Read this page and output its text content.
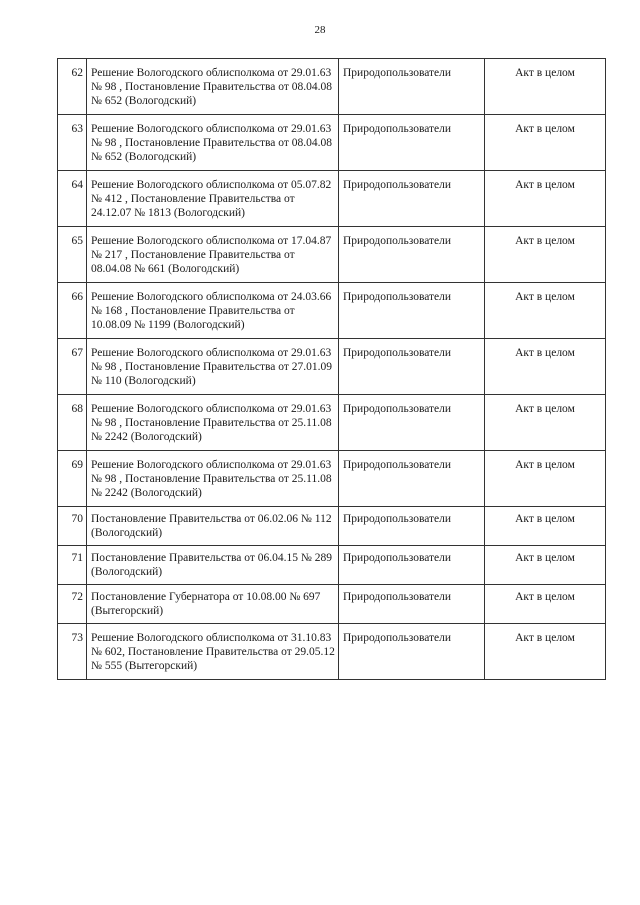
28
62	Решение Вологодского облисполкома от 29.01.63 № 98 , Постановление Правительства от 08.04.08 № 652 (Вологодский)	Природопользователи	Акт в целом
63	Решение Вологодского облисполкома от 29.01.63 № 98 , Постановление Правительства от 08.04.08 № 652 (Вологодский)	Природопользователи	Акт в целом
64	Решение Вологодского облисполкома от 05.07.82 № 412 , Постановление Правительства от 24.12.07 № 1813 (Вологодский)	Природопользователи	Акт в целом
65	Решение Вологодского облисполкома от 17.04.87 № 217 , Постановление Правительства от 08.04.08 № 661 (Вологодский)	Природопользователи	Акт в целом
66	Решение Вологодского облисполкома от 24.03.66 № 168 , Постановление Правительства от 10.08.09 № 1199 (Вологодский)	Природопользователи	Акт в целом
67	Решение Вологодского облисполкома от 29.01.63 № 98 , Постановление Правительства от 27.01.09 № 110 (Вологодский)	Природопользователи	Акт в целом
68	Решение Вологодского облисполкома от 29.01.63 № 98 , Постановление Правительства от 25.11.08 № 2242 (Вологодский)	Природопользователи	Акт в целом
69	Решение Вологодского облисполкома от 29.01.63 № 98 , Постановление Правительства от 25.11.08 № 2242 (Вологодский)	Природопользователи	Акт в целом
70	Постановление Правительства от 06.02.06 № 112 (Вологодский)	Природопользователи	Акт в целом
71	Постановление Правительства от 06.04.15 № 289 (Вологодский)	Природопользователи	Акт в целом
72	Постановление Губернатора от 10.08.00 № 697 (Вытегорский)	Природопользователи	Акт в целом
73	Решение Вологодского облисполкома от 31.10.83 № 602, Постановление Правительства от 29.05.12 № 555 (Вытегорский)	Природопользователи	Акт в целом
